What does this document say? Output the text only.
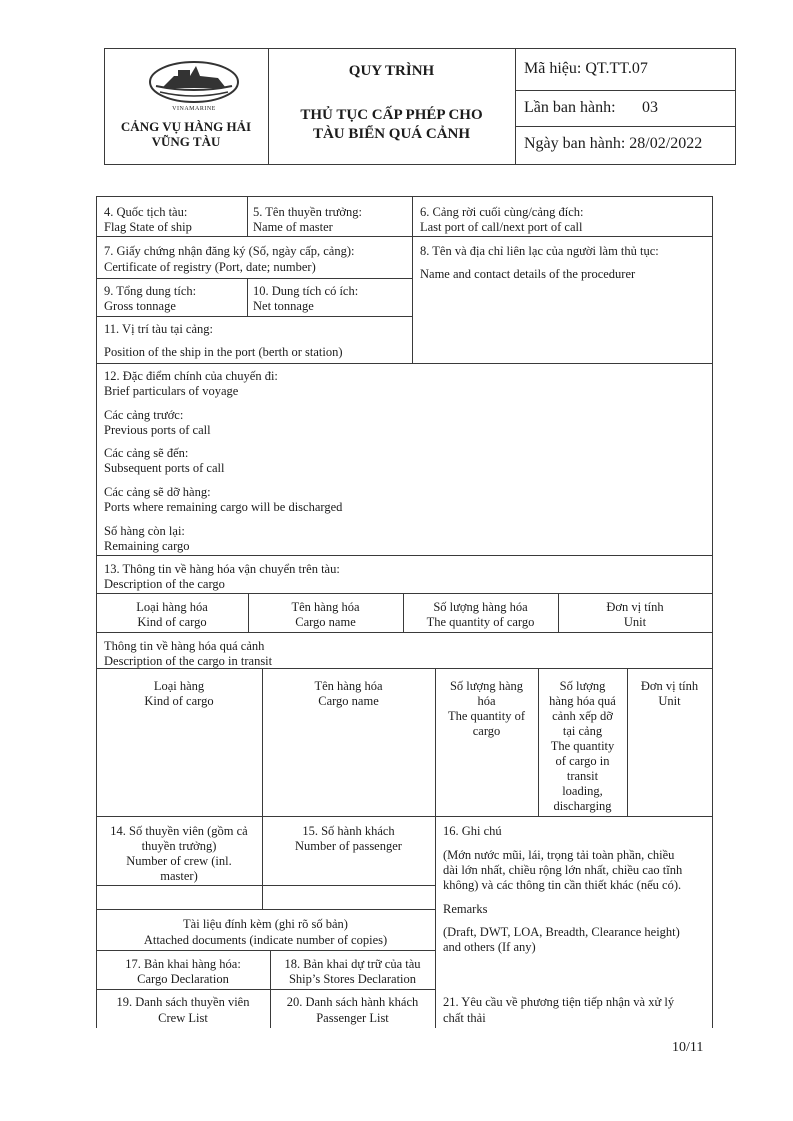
VINAMARINE
CẢNG VỤ HÀNG HẢI
VŨNG TÀU
QUY TRÌNH
THỦ TỤC CẤP PHÉP CHO
TÀU BIỂN QUÁ CẢNH
Mã hiệu: QT.TT.07
Lần ban hành: 03
Ngày ban hành: 28/02/2022
4. Quốc tịch tàu:
Flag State of ship
5. Tên thuyền trưởng:
Name of master
6. Cảng rời cuối cùng/cảng đích:
Last port of call/next port of call
7. Giấy chứng nhận đăng ký (Số, ngày cấp, cảng):
Certificate of registry (Port, date; number)
8. Tên và địa chỉ liên lạc của người làm thủ tục:
Name and contact details of the procedurer
9. Tổng dung tích:
Gross tonnage
10. Dung tích có ích:
Net tonnage
11. Vị trí tàu tại cảng:
Position of the ship in the port (berth or station)
12. Đặc điểm chính của chuyến đi:
Brief particulars of voyage
Các cảng trước:
Previous ports of call
Các cảng sẽ đến:
Subsequent ports of call
Các cảng sẽ dỡ hàng:
Ports where remaining cargo will be discharged
Số hàng còn lại:
Remaining cargo
13. Thông tin về hàng hóa vận chuyển trên tàu:
Description of the cargo
Loại hàng hóa
Kind of cargo
Tên hàng hóa
Cargo name
Số lượng hàng hóa
The quantity of cargo
Đơn vị tính
Unit
Thông tin về hàng hóa quá cảnh
Description of the cargo in transit
Loại hàng
Kind of cargo
Tên hàng hóa
Cargo name
Số lượng hàng
hóa
The quantity of
cargo
Số lượng
hàng hóa quá
cảnh xếp dỡ
tại cảng
The quantity
of cargo in
transit
loading,
discharging
Đơn vị tính
Unit
14. Số thuyền viên (gồm cả
thuyền trưởng)
Number of crew (inl.
master)
15. Số hành khách
Number of passenger
16. Ghi chú
(Mớn nước mũi, lái, trọng tải toàn phần, chiều
dài lớn nhất, chiều rộng lớn nhất, chiều cao tĩnh
không) và các thông tin cần thiết khác (nếu có).
Remarks
(Draft, DWT, LOA, Breadth, Clearance height)
and others (If any)
Tài liệu đính kèm (ghi rõ số bản)
Attached documents (indicate number of copies)
17. Bản khai hàng hóa:
Cargo Declaration
18. Bản khai dự trữ của tàu
Ship’s Stores Declaration
19. Danh sách thuyền viên
Crew List
20. Danh sách hành khách
Passenger List
21. Yêu cầu về phương tiện tiếp nhận và xử lý
chất thải
10/11
